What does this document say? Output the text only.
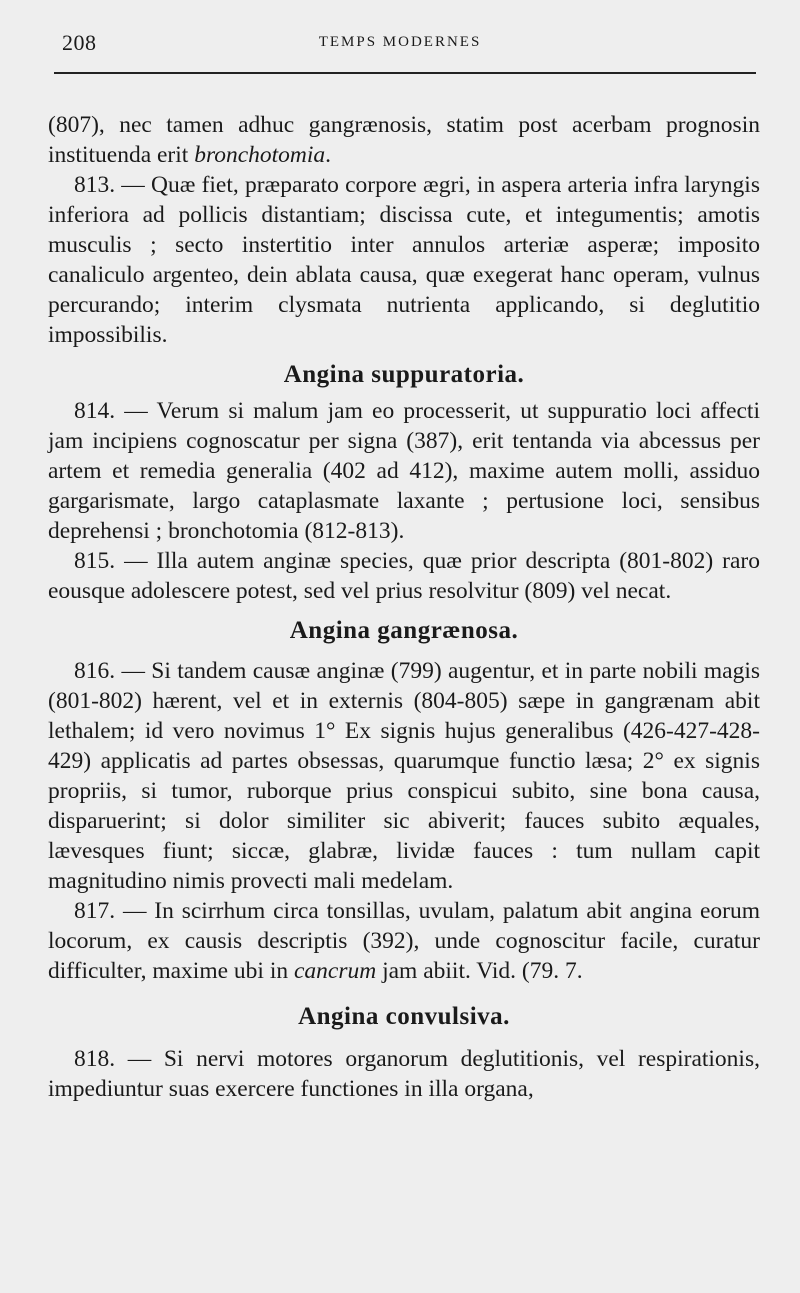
208	TEMPS MODERNES

(807), nec tamen adhuc gangrænosis, statim post acerbam prognosin instituenda erit bronchotomia.

813. — Quæ fiet, præparato corpore ægri, in aspera arteria infra laryngis inferiora ad pollicis distantiam; discissa cute, et integumentis; amotis musculis ; secto instertitio inter annulos arteriæ asperæ; imposito canaliculo argenteo, dein ablata causa, quæ exegerat hanc operam, vulnus percurando; interim clysmata nutrienta applicando, si deglutitio impossibilis.

Angina suppuratoria.

814. — Verum si malum jam eo processerit, ut suppuratio loci affecti jam incipiens cognoscatur per signa (387), erit tentanda via abcessus per artem et remedia generalia (402 ad 412), maxime autem molli, assiduo gargarismate, largo cataplasmate laxante ; pertusione loci, sensibus deprehensi ; bronchotomia (812-813).

815. — Illa autem anginæ species, quæ prior descripta (801-802) raro eousque adolescere potest, sed vel prius resolvitur (809) vel necat.

Angina gangrænosa.

816. — Si tandem causæ anginæ (799) augentur, et in parte nobili magis (801-802) hærent, vel et in externis (804-805) sæpe in gangrænam abit lethalem; id vero novimus 1° Ex signis hujus generalibus (426-427-428-429) applicatis ad partes obsessas, quarumque functio læsa; 2° ex signis propriis, si tumor, ruborque prius conspicui subito, sine bona causa, disparuerint; si dolor similiter sic abiverit; fauces subito æquales, lævesques fiunt; siccæ, glabræ, lividæ fauces : tum nullam capit magnitudino nimis provecti mali medelam.

817. — In scirrhum circa tonsillas, uvulam, palatum abit angina eorum locorum, ex causis descriptis (392), unde cognoscitur facile, curatur difficulter, maxime ubi in cancrum jam abiit. Vid. (79. 7.

Angina convulsiva.

818. — Si nervi motores organorum deglutitionis, vel respirationis, impediuntur suas exercere functiones in illa organa,
